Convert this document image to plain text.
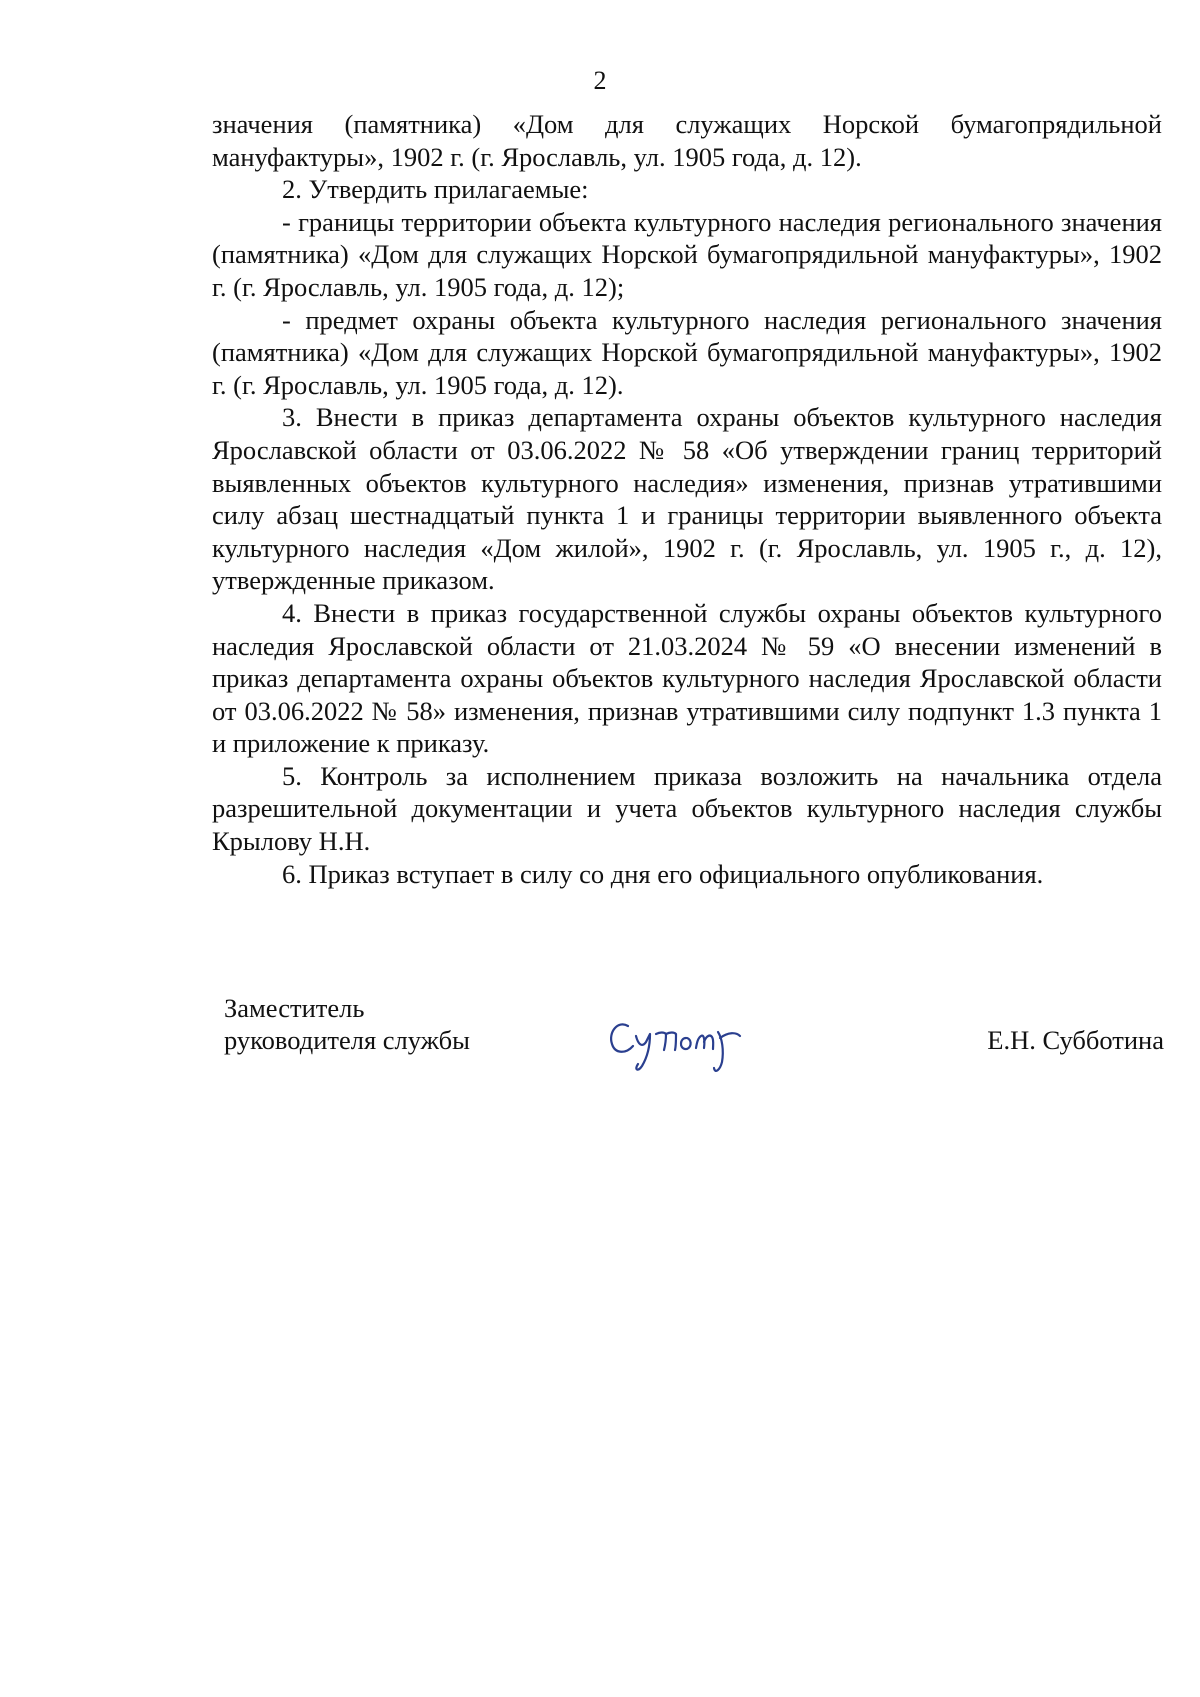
2

значения (памятника) «Дом для служащих Норской бумагопрядильной мануфактуры», 1902 г. (г. Ярославль, ул. 1905 года, д. 12).

2. Утвердить прилагаемые:

- границы территории объекта культурного наследия регионального значения (памятника) «Дом для служащих Норской бумагопрядильной мануфактуры», 1902 г. (г. Ярославль, ул. 1905 года, д. 12);

- предмет охраны объекта культурного наследия регионального значения (памятника) «Дом для служащих Норской бумагопрядильной мануфактуры», 1902 г. (г. Ярославль, ул. 1905 года, д. 12).

3. Внести в приказ департамента охраны объектов культурного наследия Ярославской области от 03.06.2022 № 58 «Об утверждении границ территорий выявленных объектов культурного наследия» изменения, признав утратившими силу абзац шестнадцатый пункта 1 и границы территории выявленного объекта культурного наследия «Дом жилой», 1902 г. (г. Ярославль, ул. 1905 г., д. 12), утвержденные приказом.

4. Внести в приказ государственной службы охраны объектов культурного наследия Ярославской области от 21.03.2024 № 59 «О внесении изменений в приказ департамента охраны объектов культурного наследия Ярославской области от 03.06.2022 № 58» изменения, признав утратившими силу подпункт 1.3 пункта 1 и приложение к приказу.

5. Контроль за исполнением приказа возложить на начальника отдела разрешительной документации и учета объектов культурного наследия службы Крылову Н.Н.

6. Приказ вступает в силу со дня его официального опубликования.

Заместитель
руководителя службы	Е.Н. Субботина
